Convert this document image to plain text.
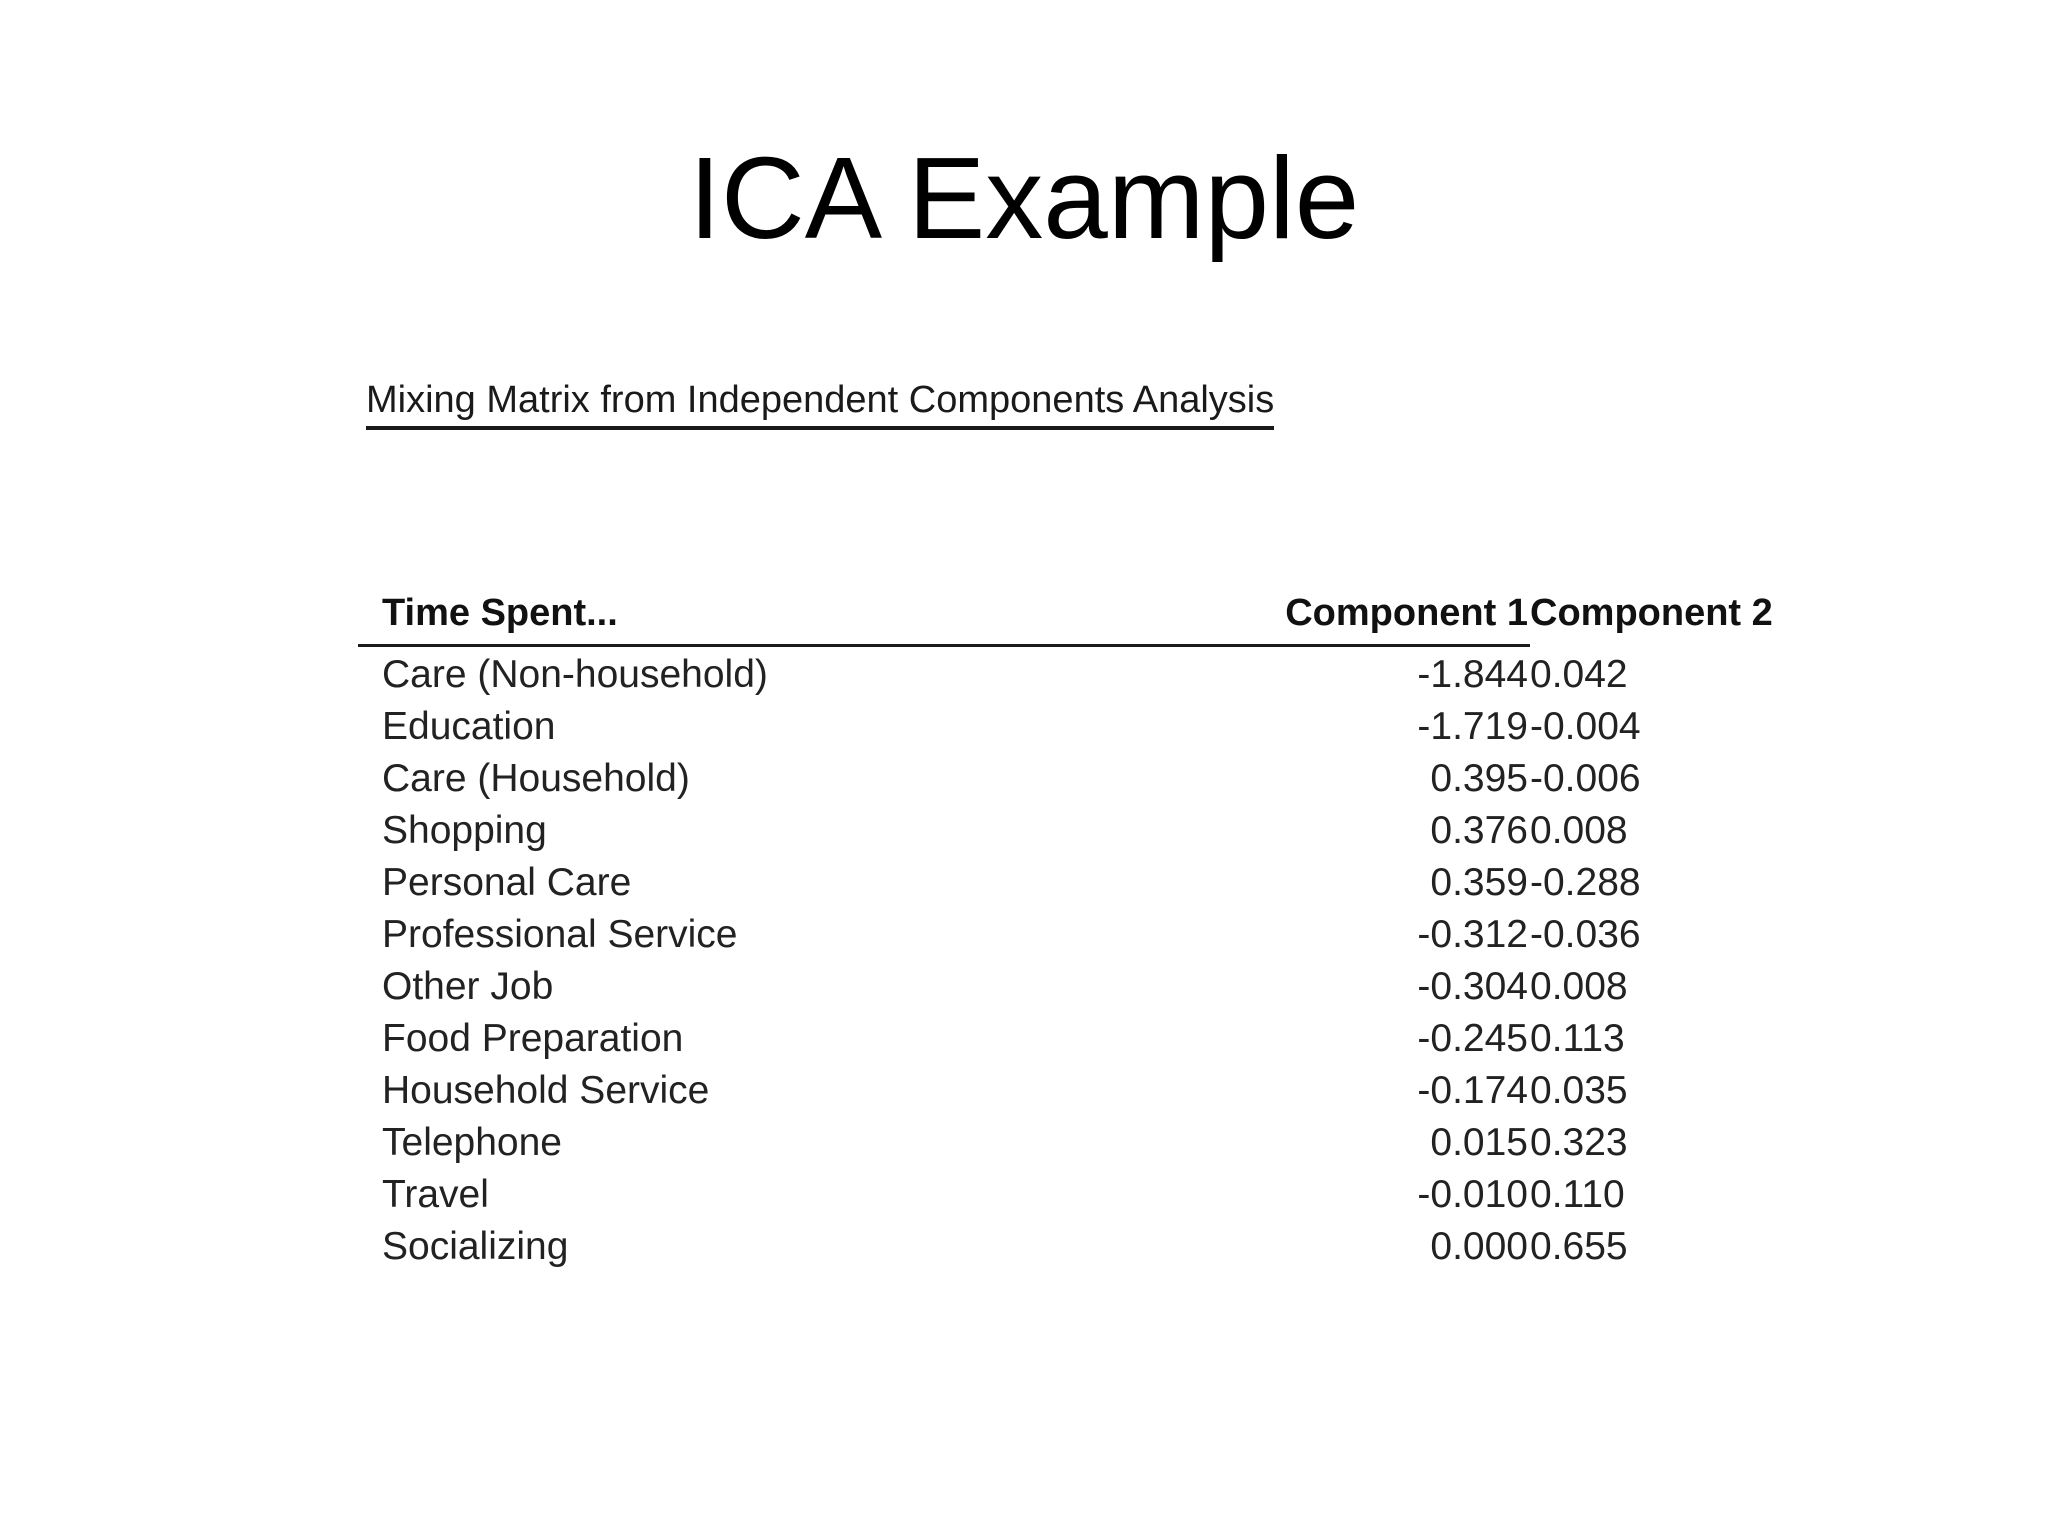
ICA Example
Mixing Matrix from Independent Components Analysis
Time Spent...	Component 1	Component 2
Care (Non-household)	-1.844	0.042
Education	-1.719	-0.004
Care (Household)	0.395	-0.006
Shopping	0.376	0.008
Personal Care	0.359	-0.288
Professional Service	-0.312	-0.036
Other Job	-0.304	0.008
Food Preparation	-0.245	0.113
Household Service	-0.174	0.035
Telephone	0.015	0.323
Travel	-0.010	0.110
Socializing	0.000	0.655
